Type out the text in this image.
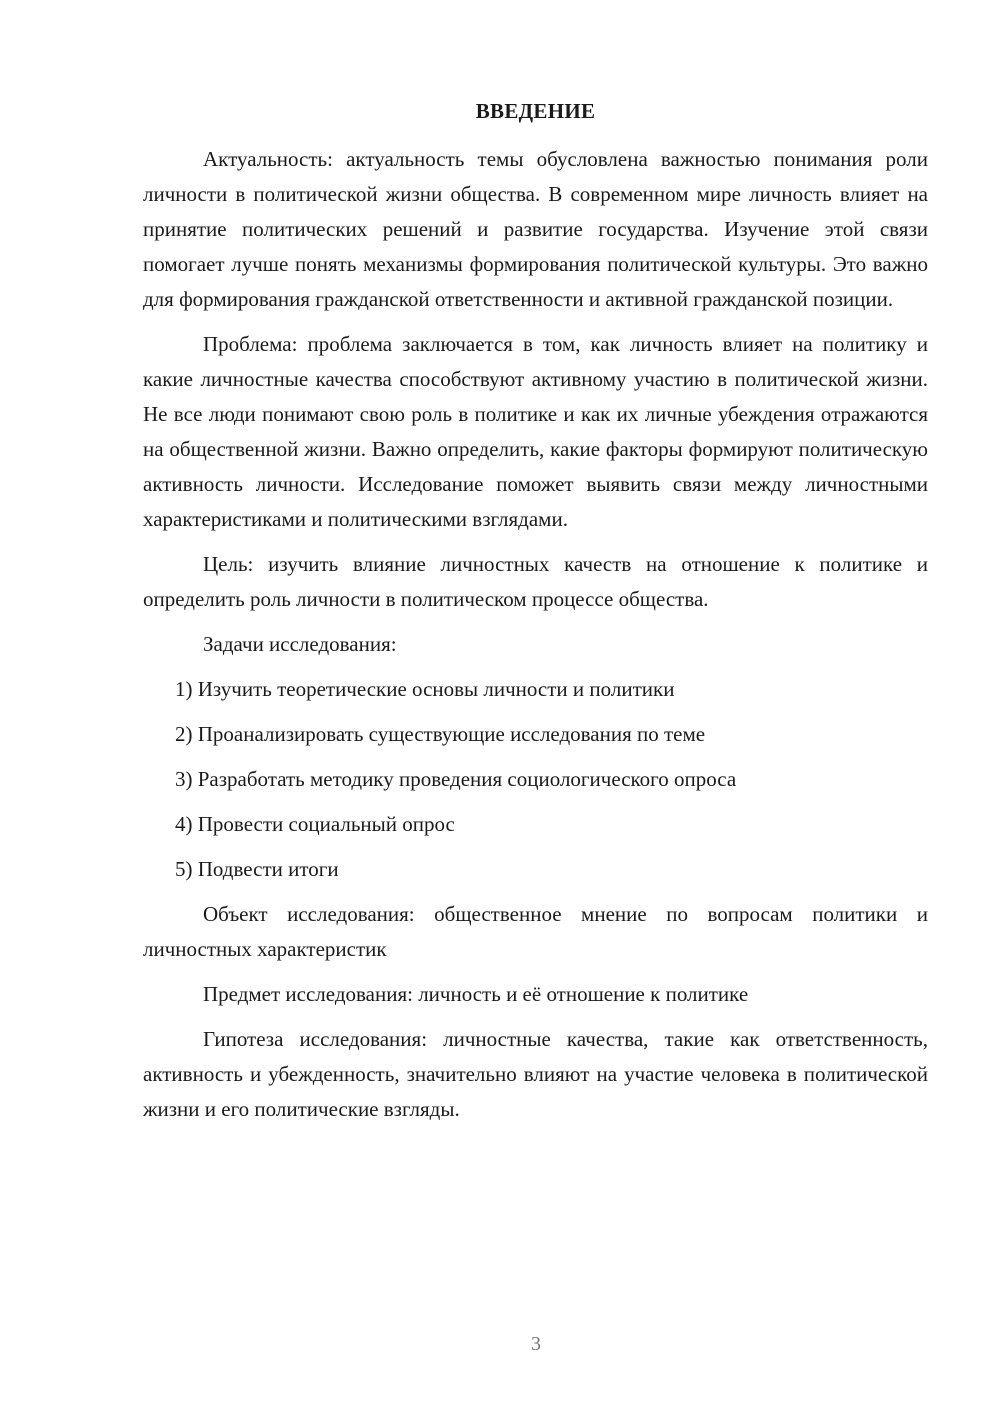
ВВЕДЕНИЕ

Актуальность: актуальность темы обусловлена важностью понимания роли личности в политической жизни общества. В современном мире личность влияет на принятие политических решений и развитие государства. Изучение этой связи помогает лучше понять механизмы формирования политической культуры. Это важно для формирования гражданской ответственности и активной гражданской позиции.

Проблема: проблема заключается в том, как личность влияет на политику и какие личностные качества способствуют активному участию в политической жизни. Не все люди понимают свою роль в политике и как их личные убеждения отражаются на общественной жизни. Важно определить, какие факторы формируют политическую активность личности. Исследование поможет выявить связи между личностными характеристиками и политическими взглядами.

Цель: изучить влияние личностных качеств на отношение к политике и определить роль личности в политическом процессе общества.

Задачи исследования:

1) Изучить теоретические основы личности и политики
2) Проанализировать существующие исследования по теме
3) Разработать методику проведения социологического опроса
4) Провести социальный опрос
5) Подвести итоги

Объект исследования: общественное мнение по вопросам политики и личностных характеристик

Предмет исследования: личность и её отношение к политике

Гипотеза исследования: личностные качества, такие как ответственность, активность и убежденность, значительно влияют на участие человека в политической жизни и его политические взгляды.

3
